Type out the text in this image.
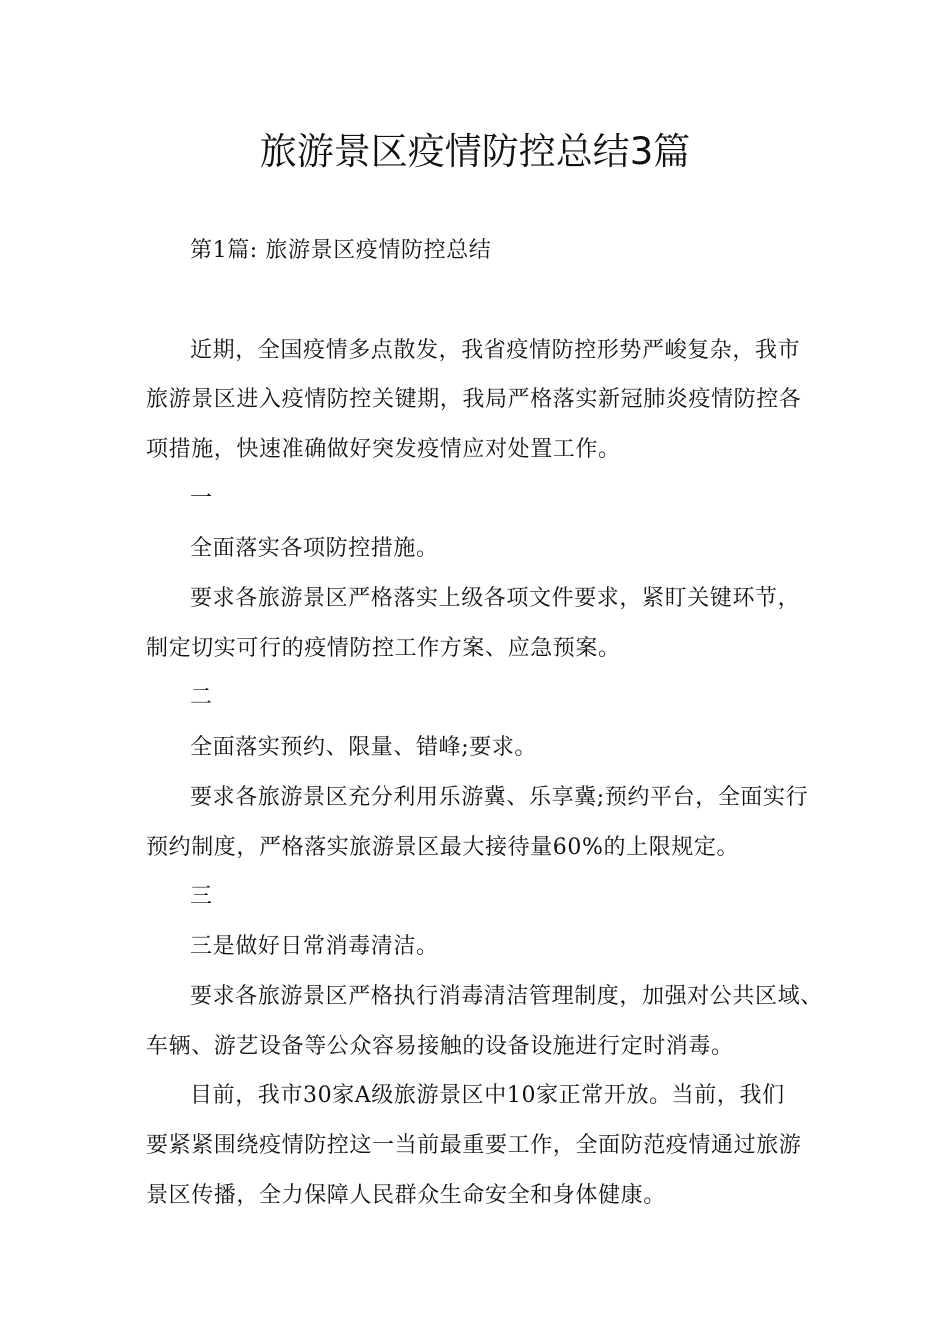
旅游景区疫情防控总结3篇
第1篇: 旅游景区疫情防控总结
近期，全国疫情多点散发，我省疫情防控形势严峻复杂，我市
旅游景区进入疫情防控关键期，我局严格落实新冠肺炎疫情防控各
项措施，快速准确做好突发疫情应对处置工作。
一
全面落实各项防控措施。
要求各旅游景区严格落实上级各项文件要求，紧盯关键环节，
制定切实可行的疫情防控工作方案、应急预案。
二
全面落实预约、限量、错峰;要求。
要求各旅游景区充分利用乐游冀、乐享冀;预约平台，全面实行
预约制度，严格落实旅游景区最大接待量60%的上限规定。
三
三是做好日常消毒清洁。
要求各旅游景区严格执行消毒清洁管理制度，加强对公共区域、
车辆、游艺设备等公众容易接触的设备设施进行定时消毒。
目前，我市30家A级旅游景区中10家正常开放。当前，我们
要紧紧围绕疫情防控这一当前最重要工作，全面防范疫情通过旅游
景区传播，全力保障人民群众生命安全和身体健康。
